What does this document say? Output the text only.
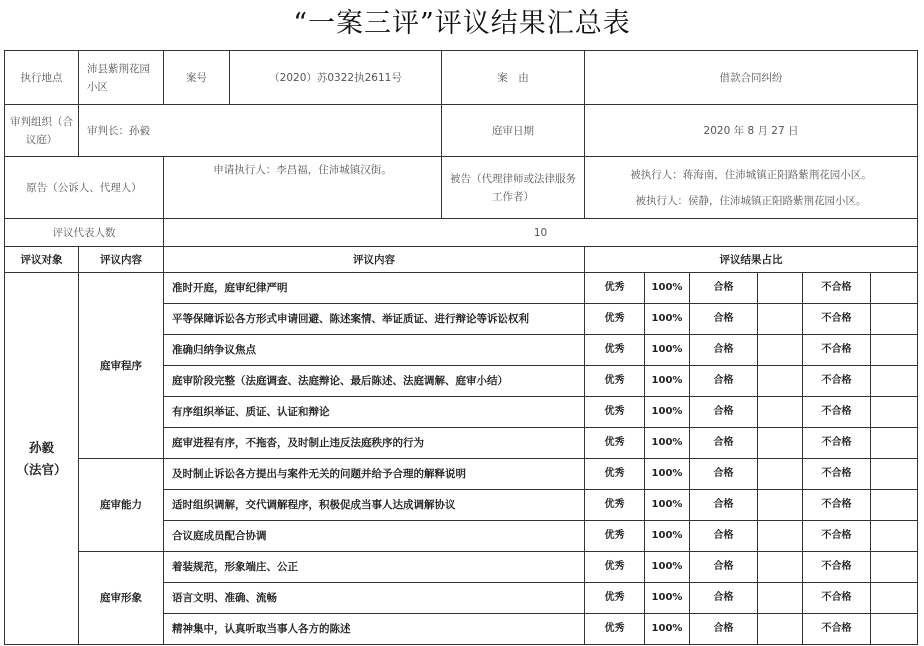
“一案三评”评议结果汇总表
执行地点	沛县紫荆花园小区	案号	（2020）苏0322执2611号	案　由	借款合同纠纷					
审判组织（合议庭）	审判长：孙毅			庭审日期	2020 年 8 月 27 日					
原告（公诉人、代理人）		申请执行人：李昌福，住沛城镇汉街。		被告（代理律师或法律服务工作者）	被执行人：蒋海南，住沛城镇正阳路紫荆花园小区。
被执行人：侯静，住沛城镇正阳路紫荆花园小区。					

评议代表人数		10								
评议对象	评议内容	评议内容			评议结果占比					

孙毅
（法官）	庭审程序	准时开庭，庭审纪律严明			优秀	100%	合格		不合格	
		平等保障诉讼各方形式申请回避、陈述案情、举证质证、进行辩论等诉讼权利			优秀	100%	合格		不合格	
		准确归纳争议焦点			优秀	100%	合格		不合格	
		庭审阶段完整（法庭调查、法庭辩论、最后陈述、法庭调解、庭审小结）			优秀	100%	合格		不合格	
		有序组织举证、质证、认证和辩论			优秀	100%	合格		不合格	
		庭审进程有序，不拖沓，及时制止违反法庭秩序的行为			优秀	100%	合格		不合格	
	庭审能力	及时制止诉讼各方提出与案件无关的问题并给予合理的解释说明			优秀	100%	合格		不合格	
		适时组织调解，交代调解程序，积极促成当事人达成调解协议			优秀	100%	合格		不合格	
		合议庭成员配合协调			优秀	100%	合格		不合格	
	庭审形象	着装规范，形象端庄、公正			优秀	100%	合格		不合格	
		语言文明、准确、流畅			优秀	100%	合格		不合格	
		精神集中，认真听取当事人各方的陈述			优秀	100%	合格		不合格	
